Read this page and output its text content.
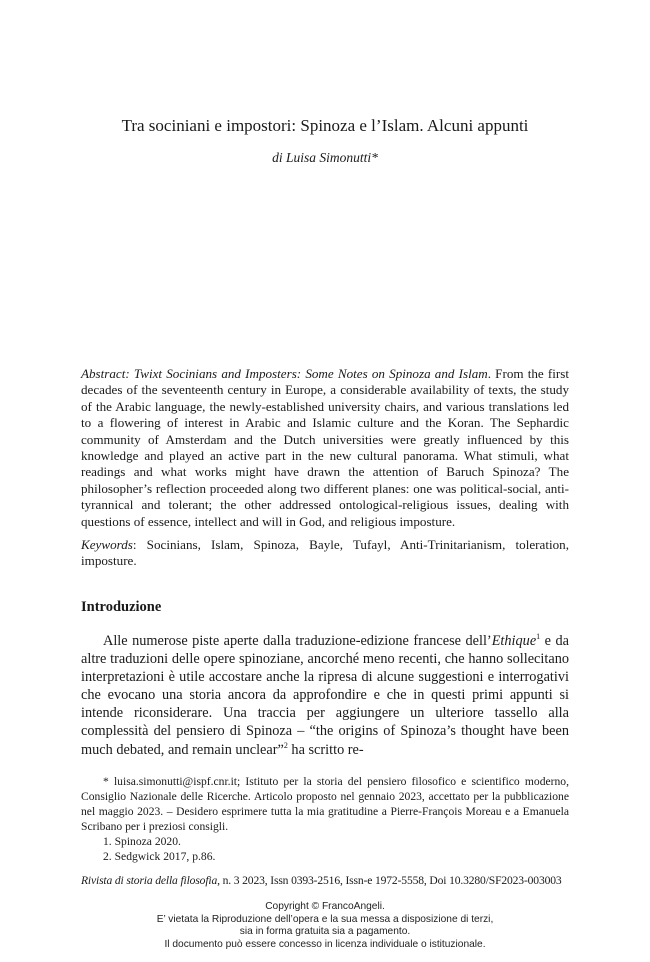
Tra sociniani e impostori: Spinoza e l’Islam. Alcuni appunti
di Luisa Simonutti*
Abstract: Twixt Socinians and Imposters: Some Notes on Spinoza and Islam. From the first decades of the seventeenth century in Europe, a considerable availability of texts, the study of the Arabic language, the newly-established university chairs, and various translations led to a flowering of interest in Arabic and Islamic culture and the Koran. The Sephardic community of Amsterdam and the Dutch universities were greatly influenced by this knowledge and played an active part in the new cultural panorama. What stimuli, what readings and what works might have drawn the attention of Baruch Spinoza? The philosopher’s reflection proceeded along two different planes: one was political-social, anti-tyrannical and tolerant; the other addressed ontological-religious issues, dealing with questions of essence, intellect and will in God, and religious imposture.
Keywords: Socinians, Islam, Spinoza, Bayle, Tufayl, Anti-Trinitarianism, toleration, imposture.
Introduzione
Alle numerose piste aperte dalla traduzione-edizione francese dell’Ethique$^1$ e da altre traduzioni delle opere spinoziane, ancorché meno recenti, che hanno sollecitano interpretazioni è utile accostare anche la ripresa di alcune suggestioni e interrogativi che evocano una storia ancora da approfondire e che in questi primi appunti si intende riconsiderare. Una traccia per aggiungere un ulteriore tassello alla complessità del pensiero di Spinoza – “the origins of Spinoza’s thought have been much debated, and remain unclear”$^2$ ha scritto re-

* luisa.simonutti@ispf.cnr.it; Istituto per la storia del pensiero filosofico e scientifico moderno, Consiglio Nazionale delle Ricerche. Articolo proposto nel gennaio 2023, accettato per la pubblicazione nel maggio 2023. – Desidero esprimere tutta la mia gratitudine a Pierre-François Moreau e a Emanuela Scribano per i preziosi consigli.

1. Spinoza 2020.

2. Sedgwick 2017, p.86.

Rivista di storia della filosofia, n. 3 2023, Issn 0393-2516, Issn-e 1972-5558, Doi 10.3280/SF2023-003003
Copyright © FrancoAngeli.
E’ vietata la Riproduzione dell’opera e la sua messa a disposizione di terzi,
sia in forma gratuita sia a pagamento.
Il documento può essere concesso in licenza individuale o istituzionale.
